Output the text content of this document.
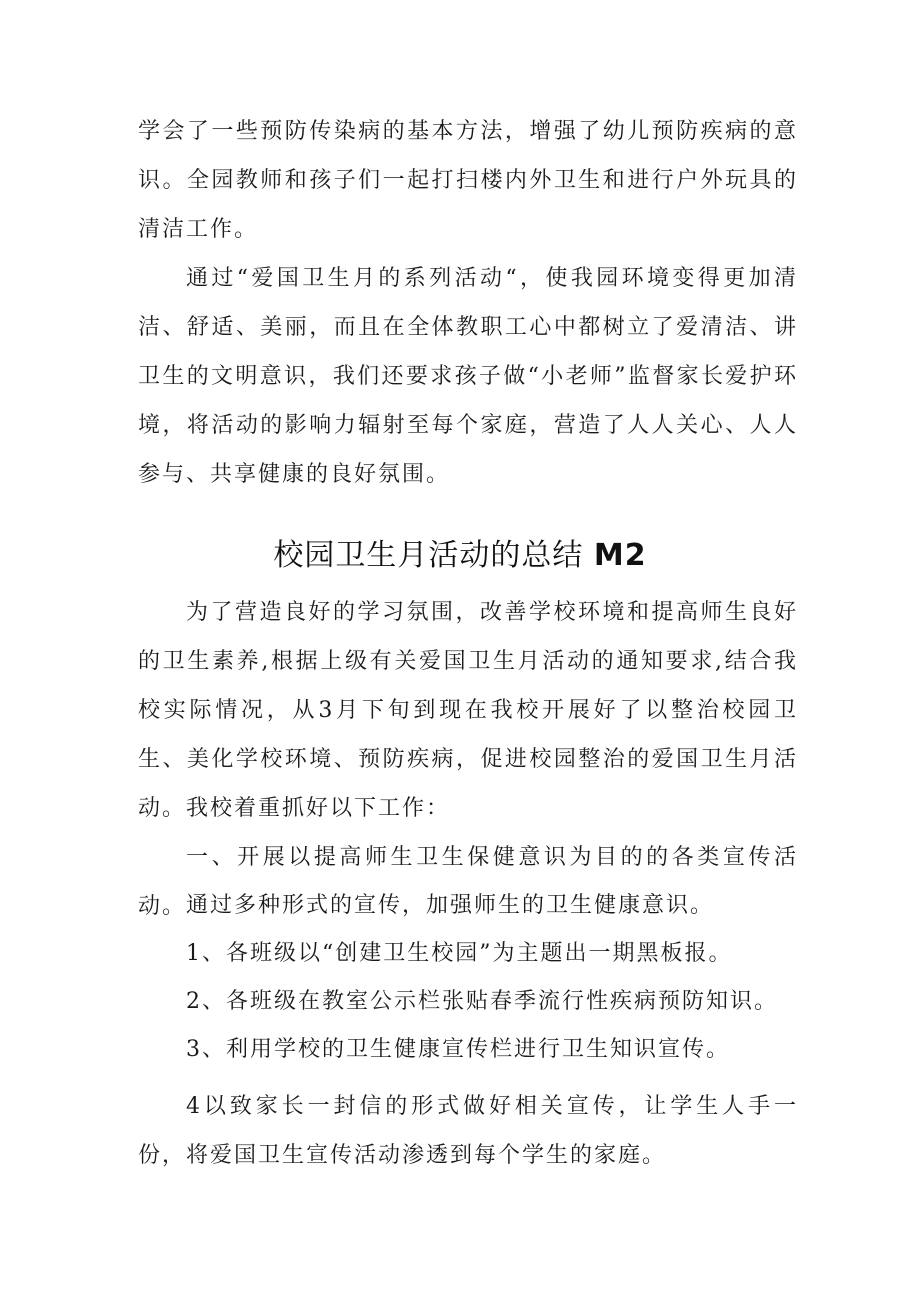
学会了一些预防传染病的基本方法，增强了幼儿预防疾病的意识。全园教师和孩子们一起打扫楼内外卫生和进行户外玩具的清洁工作。

通过“爱国卫生月的系列活动“，使我园环境变得更加清洁、舒适、美丽，而且在全体教职工心中都树立了爱清洁、讲卫生的文明意识，我们还要求孩子做“小老师”监督家长爱护环境，将活动的影响力辐射至每个家庭，营造了人人关心、人人参与、共享健康的良好氛围。

校园卫生月活动的总结 M2

为了营造良好的学习氛围，改善学校环境和提高师生良好的卫生素养,根据上级有关爱国卫生月活动的通知要求,结合我校实际情况，从3月下旬到现在我校开展好了以整治校园卫生、美化学校环境、预防疾病，促进校园整治的爱国卫生月活动。我校着重抓好以下工作：

一、开展以提高师生卫生保健意识为目的的各类宣传活动。 通过多种形式的宣传，加强师生的卫生健康意识。

1、各班级以“创建卫生校园”为主题出一期黑板报。

2、各班级在教室公示栏张贴春季流行性疾病预防知识。

3、利用学校的卫生健康宣传栏进行卫生知识宣传。

4以致家长一封信的形式做好相关宣传，让学生人手一份，将爱国卫生宣传活动渗透到每个学生的家庭。
